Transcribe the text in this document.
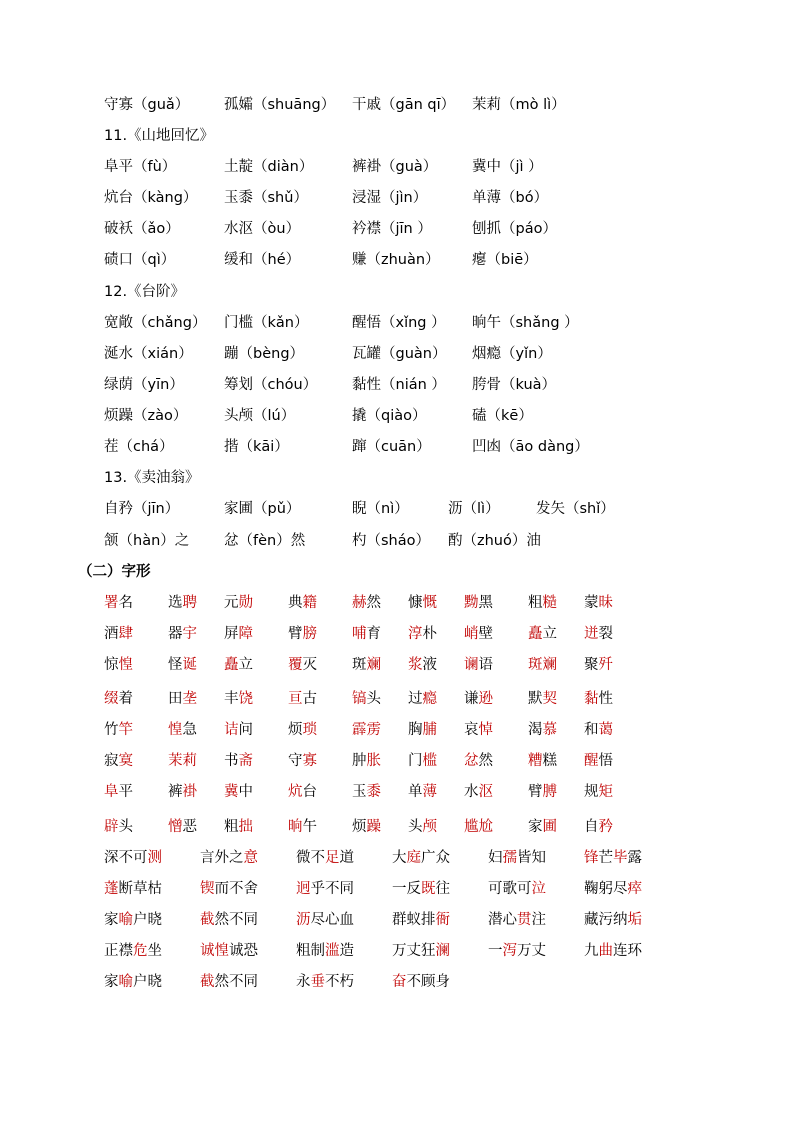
守寡（guǎ） 孤孀（shuāng） 干戚（gān qī） 茉莉（mò lì）
11.《山地回忆》
阜平（fù）	土靛（diàn）	裤褂（guà） 冀中（jì ）
炕台（kàng） 玉黍（shǔ）	浸湿（jìn）	单薄（bó）
破袄（ǎo）	水沤（òu）	衿襟（jīn ）	刨抓（páo）
碛口（qì）	缓和（hé）	赚（zhuàn） 瘪（biē）
12.《台阶》
宽敞（chǎng） 门槛（kǎn）	醒悟（xǐng ） 晌午（shǎng ）
涎水（xián） 蹦（bèng）	瓦罐（guàn） 烟瘾（yǐn）
绿荫（yīn）	筹划（chóu） 黏性（nián ） 胯骨（kuà）
烦躁（zào）	头颅（lú）	撬（qiào）	磕（kē）
茬（chá）	揩（kāi）	蹿（cuān）	凹凼（āo dàng）
13.《卖油翁》
自矜（jīn）	家圃（pǔ）	睨（nì）	沥（lì）	发矢（shǐ）
颔（hàn）之 忿（fèn）然	杓（sháo） 酌（zhuó）油
（二）字形
署名 选聘 元勋 典籍 赫然 慷慨 黝黑 粗糙 蒙昧
酒肆 器宇 屏障 臂膀 哺育 淳朴 峭壁 矗立 迸裂
惊惶 怪诞 矗立 覆灭 斑斓 浆液 谰语 斑斓 聚歼
缀着 田垄 丰饶 亘古 镐头 过瘾 谦逊 默契 黏性
竹竿 惶急 诘问 烦琐 霹雳 胸脯 哀悼 渴慕 和蔼
寂寞 茉莉 书斋 守寡 肿胀 门槛 忿然 糟糕 醒悟
阜平 裤褂 冀中 炕台 玉黍 单薄 水沤 臂膊 规矩
辟头 憎恶 粗拙 晌午 烦躁 头颅 尴尬 家圃 自矜
深不可测	言外之意	微不足道	大庭广众	妇孺皆知	锋芒毕露
蓬断草枯	锲而不舍	迥乎不同	一反既往	可歌可泣	鞠躬尽瘁
家喻户晓	截然不同	沥尽心血	群蚁排衙	潜心贯注	藏污纳垢
正襟危坐	诚惶诚恐	粗制滥造	万丈狂澜	一泻万丈	九曲连环
家喻户晓	截然不同	永垂不朽	奋不顾身
